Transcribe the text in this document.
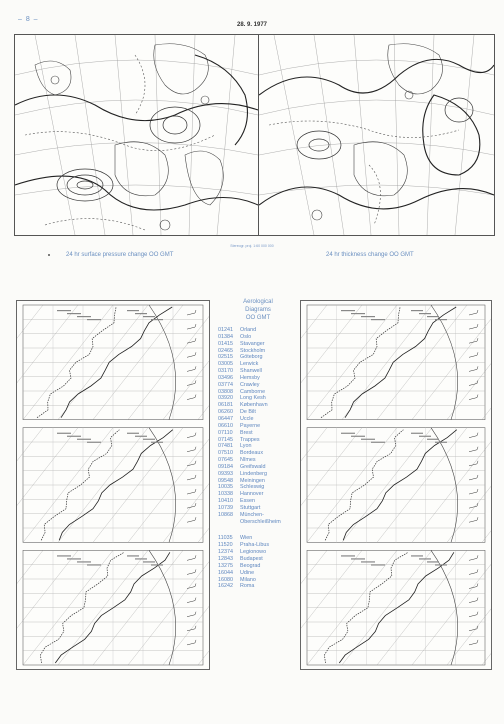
– 8 –
28. 9. 1977
Stereogr. proj. 1:60 000 000
24 hr surface pressure change OO GMT	24 hr thickness change OO GMT
Aerological
Diagrams
OO GMT
01241 Orland
01384 Oslo
01415 Stavanger
02465 Stockholm
02515 Göteborg
03005 Lerwick
03170 Shanwell
03496 Hemsby
03774 Crawley
03808 Camborne
03920 Long Kesh
06181 København
06260 De Bilt
06447 Uccle
06610 Payerne
07110 Brest
07145 Trappes
07481 Lyon
07510 Bordeaux
07645 Nîmes
09184 Greifswald
09393 Lindenberg
09548 Meiningen
10035 Schleswig
10338 Hannover
10410 Essen
10739 Stuttgart
10868 München-
Oberschleißheim
11035 Wien
11520 Praha-Libus
12374 Legionowo
12843 Budapest
13275 Beograd
16044 Udine
16080 Milano
16242 Roma
